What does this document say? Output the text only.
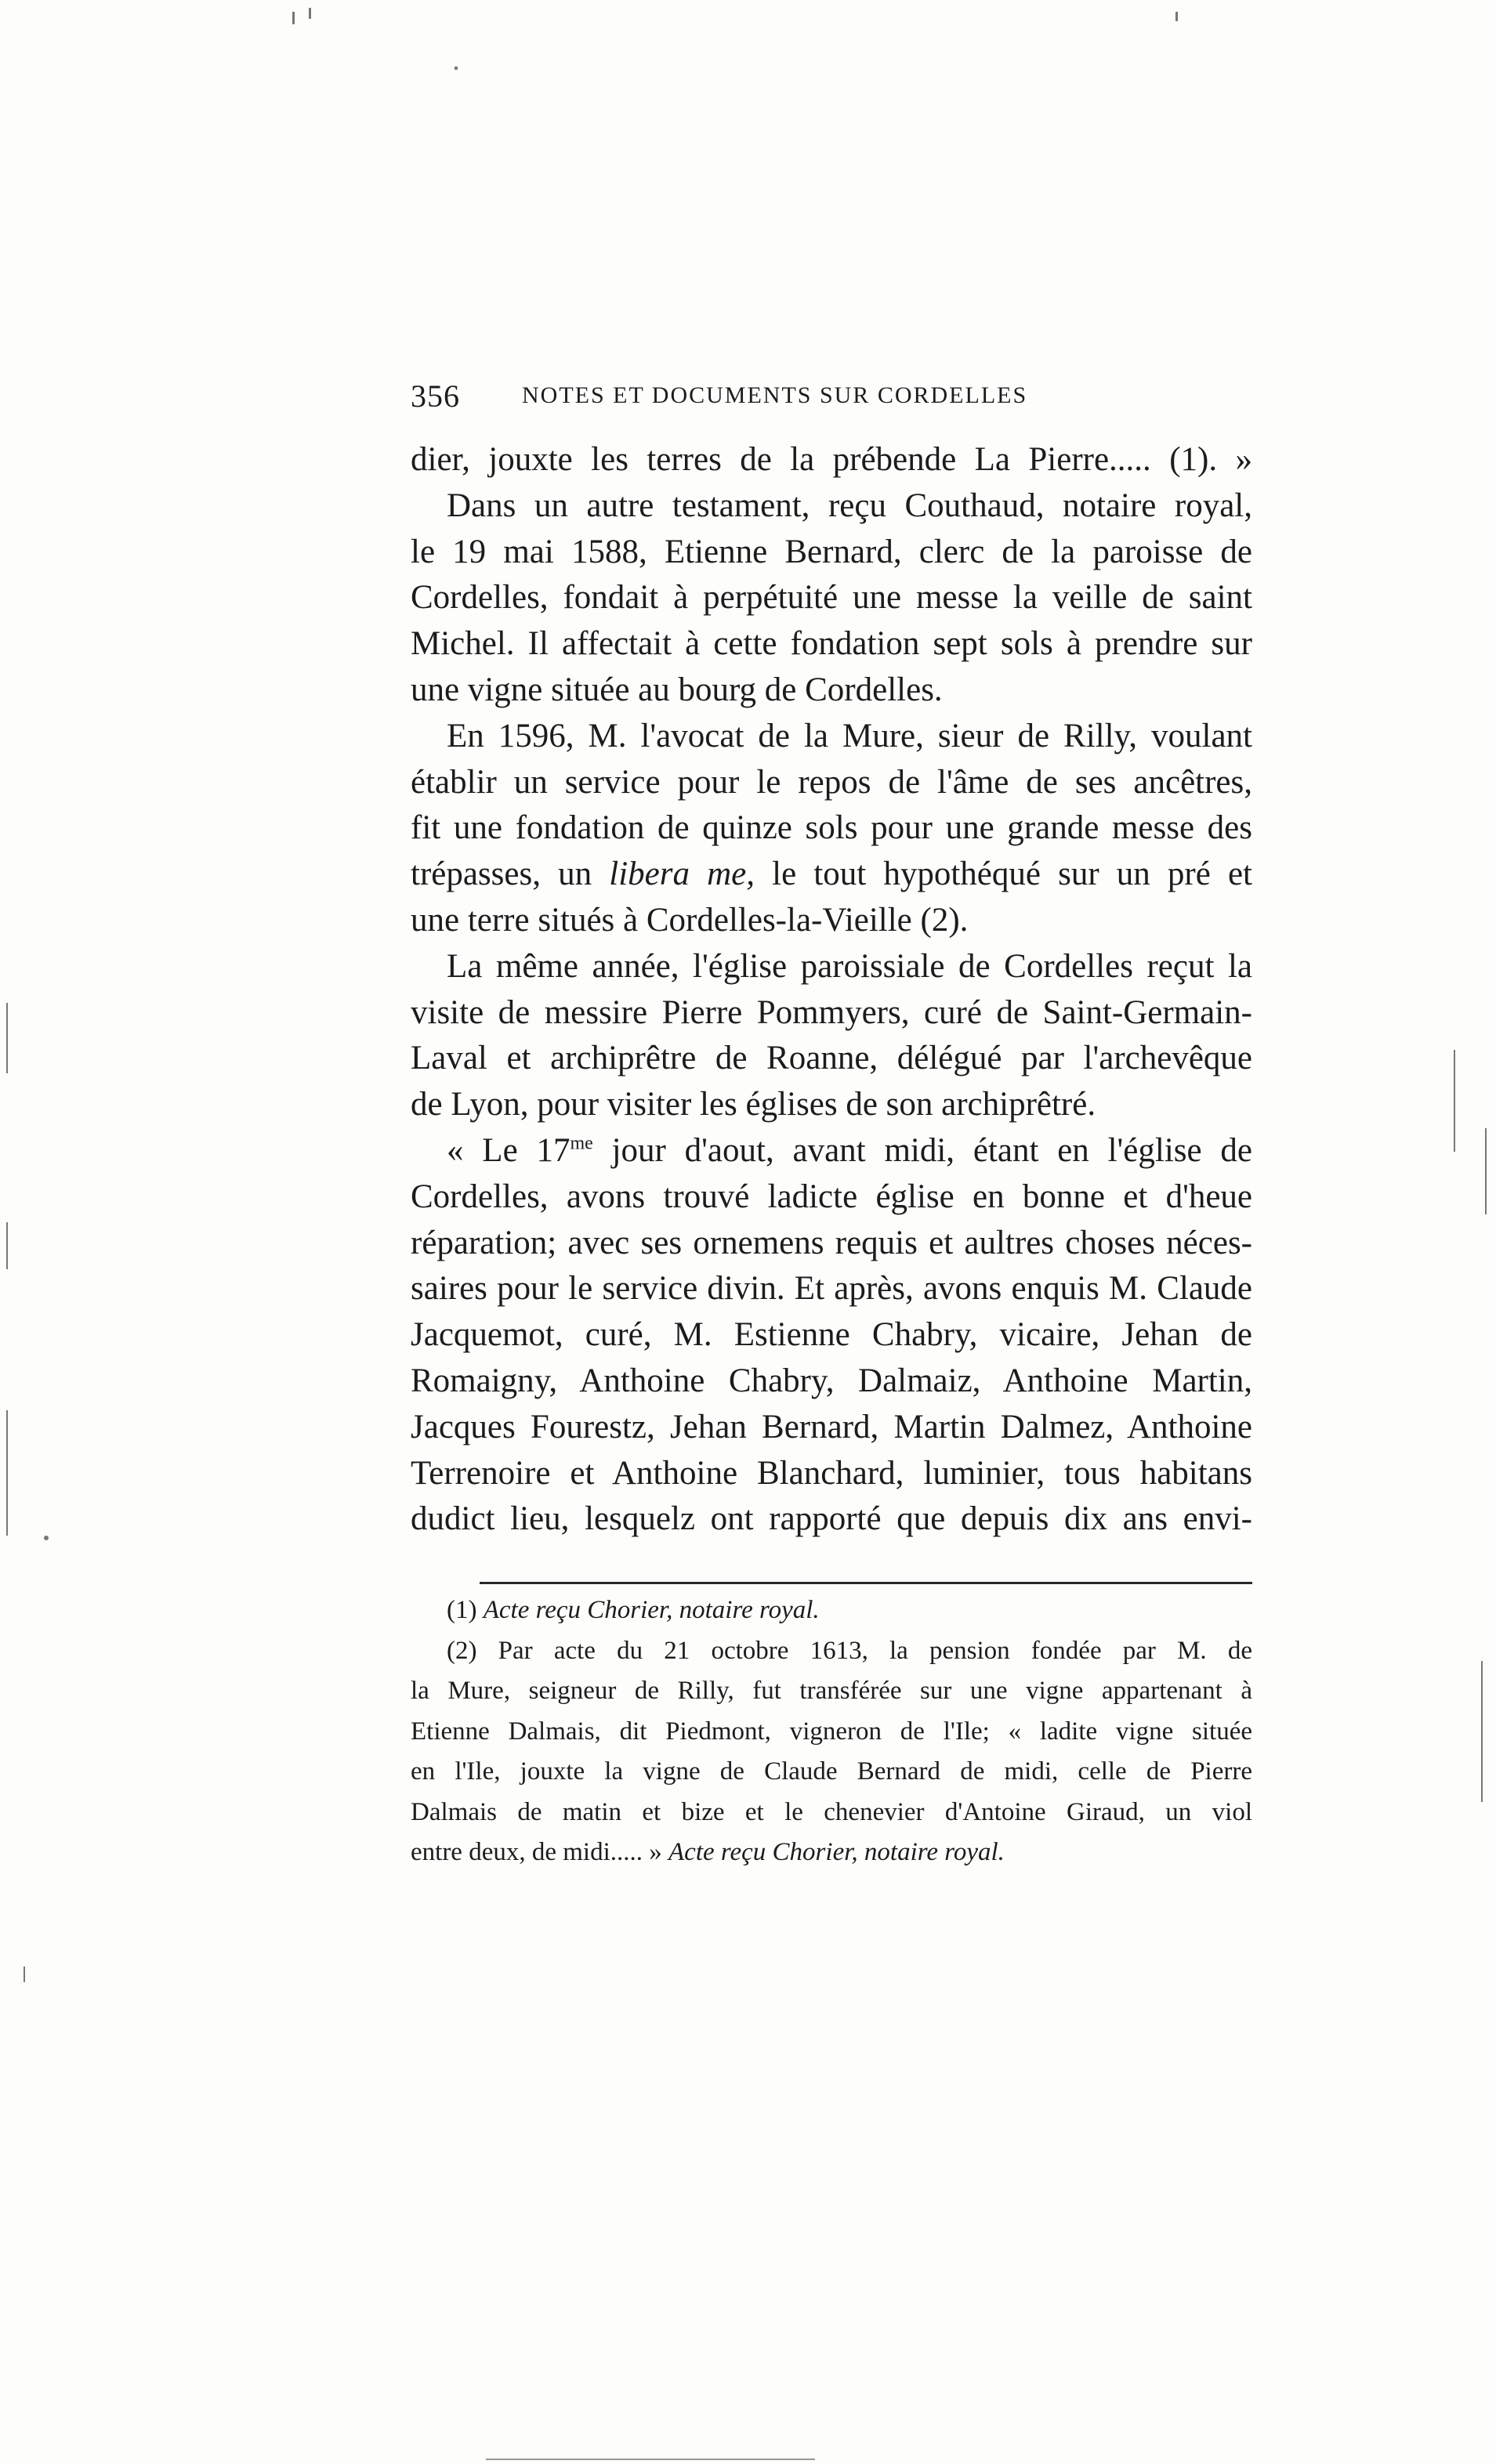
356	NOTES ET DOCUMENTS SUR CORDELLES
dier, jouxte les terres de la prébende La Pierre..... (1). »
Dans un autre testament, reçu Couthaud, notaire royal,
le 19 mai 1588, Etienne Bernard, clerc de la paroisse de
Cordelles, fondait à perpétuité une messe la veille de saint
Michel. Il affectait à cette fondation sept sols à prendre sur
une vigne située au bourg de Cordelles.
En 1596, M. l'avocat de la Mure, sieur de Rilly, voulant
établir un service pour le repos de l'âme de ses ancêtres,
fit une fondation de quinze sols pour une grande messe des
trépasses, un libera me, le tout hypothéqué sur un pré et
une terre situés à Cordelles-la-Vieille (2).
La même année, l'église paroissiale de Cordelles reçut la
visite de messire Pierre Pommyers, curé de Saint-Germain-
Laval et archiprêtre de Roanne, délégué par l'archevêque
de Lyon, pour visiter les églises de son archiprêtré.
« Le $17^{me}$ jour d'aout, avant midi, étant en l'église de
Cordelles, avons trouvé ladicte église en bonne et d'heue
réparation; avec ses ornemens requis et aultres choses néces-
saires pour le service divin. Et après, avons enquis M. Claude
Jacquemot, curé, M. Estienne Chabry, vicaire, Jehan de
Romaigny, Anthoine Chabry, Dalmaiz, Anthoine Martin,
Jacques Fourestz, Jehan Bernard, Martin Dalmez, Anthoine
Terrenoire et Anthoine Blanchard, luminier, tous habitans
dudict lieu, lesquelz ont rapporté que depuis dix ans envi-
(1) Acte reçu Chorier, notaire royal.
(2) Par acte du 21 octobre 1613, la pension fondée par M. de
la Mure, seigneur de Rilly, fut transférée sur une vigne appartenant à
Etienne Dalmais, dit Piedmont, vigneron de l'Ile; « ladite vigne située
en l'Ile, jouxte la vigne de Claude Bernard de midi, celle de Pierre
Dalmais de matin et bize et le chenevier d'Antoine Giraud, un viol
entre deux, de midi..... » Acte reçu Chorier, notaire royal.
